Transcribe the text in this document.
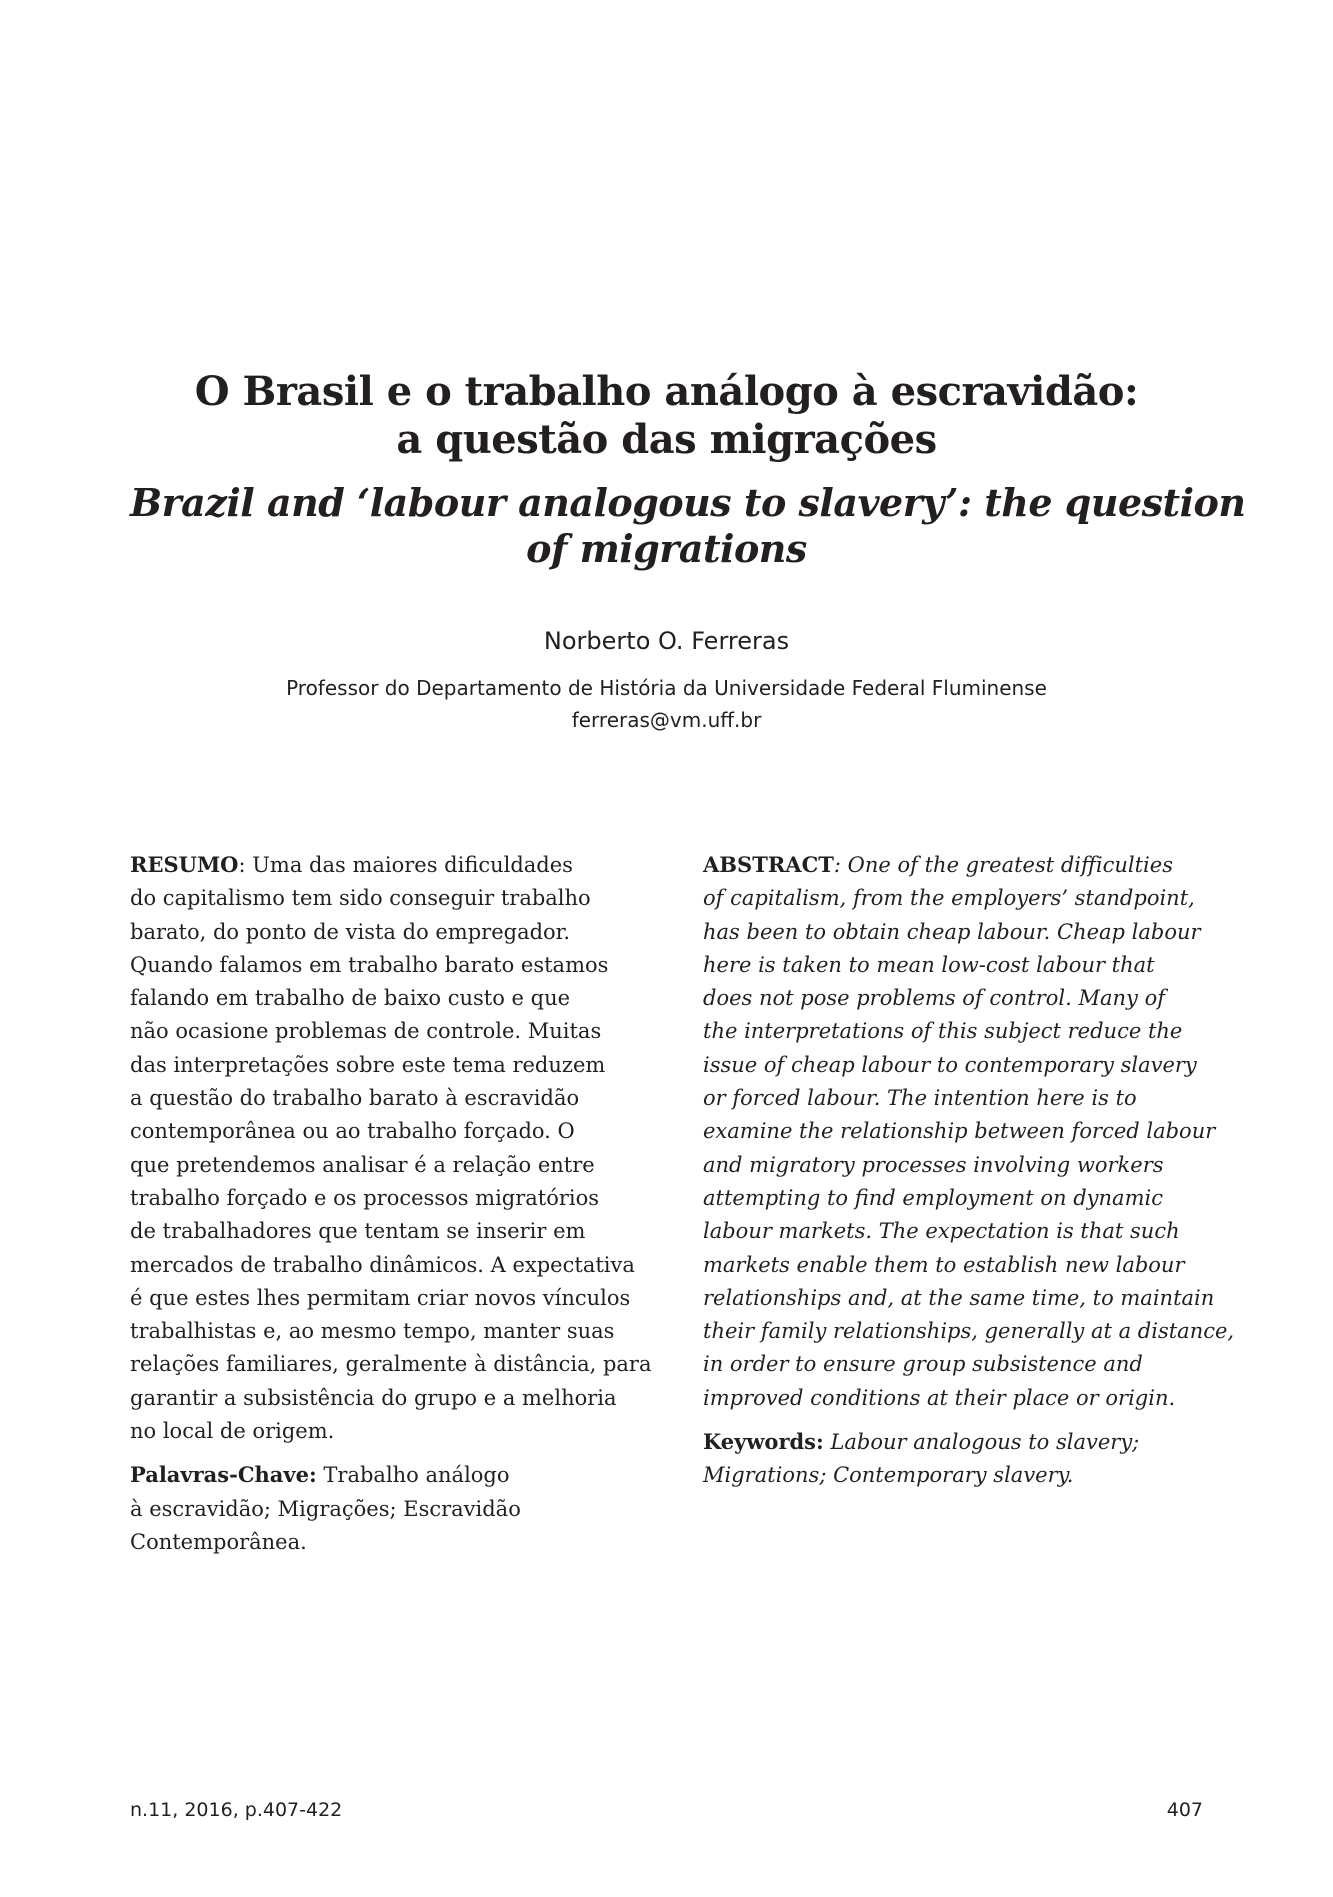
O Brasil e o trabalho análogo à escravidão:
a questão das migrações
Brazil and ‘labour analogous to slavery’: the question
of migrations
Norberto O. Ferreras
Professor do Departamento de História da Universidade Federal Fluminense
ferreras@vm.uff.br

RESUMO: Uma das maiores dificuldades
do capitalismo tem sido conseguir trabalho
barato, do ponto de vista do empregador.
Quando falamos em trabalho barato estamos
falando em trabalho de baixo custo e que
não ocasione problemas de controle. Muitas
das interpretações sobre este tema reduzem
a questão do trabalho barato à escravidão
contemporânea ou ao trabalho forçado. O
que pretendemos analisar é a relação entre
trabalho forçado e os processos migratórios
de trabalhadores que tentam se inserir em
mercados de trabalho dinâmicos. A expectativa
é que estes lhes permitam criar novos vínculos
trabalhistas e, ao mesmo tempo, manter suas
relações familiares, geralmente à distância, para
garantir a subsistência do grupo e a melhoria
no local de origem.

Palavras-Chave: Trabalho análogo
à escravidão; Migrações; Escravidão
Contemporânea.

ABSTRACT: One of the greatest difficulties
of capitalism, from the employers’ standpoint,
has been to obtain cheap labour. Cheap labour
here is taken to mean low-cost labour that
does not pose problems of control. Many of
the interpretations of this subject reduce the
issue of cheap labour to contemporary slavery
or forced labour. The intention here is to
examine the relationship between forced labour
and migratory processes involving workers
attempting to find employment on dynamic
labour markets. The expectation is that such
markets enable them to establish new labour
relationships and, at the same time, to maintain
their family relationships, generally at a distance,
in order to ensure group subsistence and
improved conditions at their place or origin.

Keywords: Labour analogous to slavery;
Migrations; Contemporary slavery.

n.11, 2016, p.407-422	407
